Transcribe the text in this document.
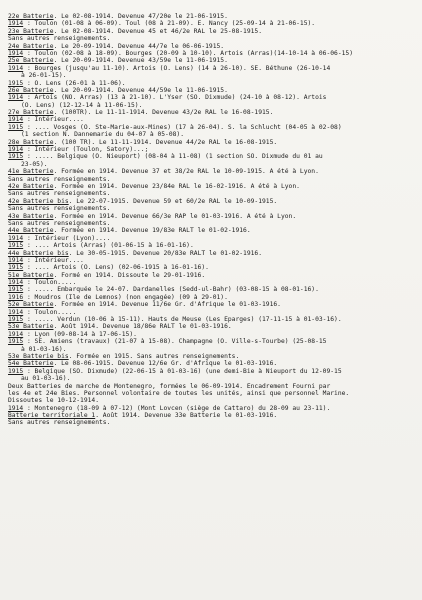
22e Batterie. Le 02-08-1914. Devenue 47/20e le 21-06-1915.
1914 : Toulon (01-08 à 06-09). Toul (08 à 21-09). E. Nancy (25-09-14 à 21-06-15).
23e Batterie. Le 02-08-1914. Devenue 45 et 46/2e RAL le 25-08-1915.
Sans autres renseignements.
24e Batterie. Le 20-09-1914. Devenue 44/7e le 06-06-1915.
1914 : Toulon (02-08 à 18-09). Bourges (20-09 à 10-10). Artois (Arras)(14-10-14 à 06-06-15)
25e Batterie. Le 20-09-1914. Devenue 43/59e le 11-06-1915.
1914 : Bourges (jusqu'au 11-10). Artois (O. Lens) (14 à 26-10). SE. Béthune (26-10-14
à 26-01-15).
1915 : O. Lens (26-01 à 11-06).
26e Batterie. Le 20-09-1914. Devenue 44/59e le 11-06-1915.
1914 : Artois (NO. Arras) (13 à 21-10). L'Yser (SO. Dixmude) (24-10 à 08-12). Artois
(O. Lens) (12-12-14 à 11-06-15).
27e Batterie. (100TR). Le 11-11-1914. Devenue 43/2e RAL le 16-08-1915.
1914 : Intérieur....
1915 : .... Vosges (O. Ste-Marie-aux-Mines) (17 à 26-04). S. la Schlucht (04-05 à 02-08)
(1 section N. Dannemarie du 04-07 à 05-08).
28e Batterie. (100 TR). Le 11-11-1914. Devenue 44/2e RAL le 16-08-1915.
1914 : Intérieur (Toulon, Satory)...;
1915 : ..... Belgique (O. Nieuport) (08-04 à 11-08) (1 section SO. Dixmude du 01 au
23-05).
41e Batterie. Formée en 1914. Devenue 37 et 38/2e RAL le 10-09-1915. A été à Lyon.
Sans autres renseignements.
42e Batterie. Formée en 1914. Devenue 23/84e RAL le 16-02-1916. A été à Lyon.
Sans autres renseignements.
42e Batterie bis. Le 22-07-1915. Devenue 59 et 60/2e RAL le 10-09-1915.
Sans autres renseignements.
43e Batterie. Formée en 1914. Devenue 66/3e RAP le 01-03-1916. A été à Lyon.
Sans autres renseignements.
44e Batterie. Formée en 1914. Devenue 19/83e RALT le 01-02-1916.
1914 : Intérieur (Lyon)....
1915 : .... Artois (Arras) (01-06-15 à 16-01-16).
44e Batterie bis. Le 30-05-1915. Devenue 20/83e RALT le 01-02-1916.
1914 : Intérieur....
1915 : .... Artois (O. Lens) (02-06-1915 à 16-01-16).
51e Batterie. Formé en 1914. Dissoute le 29-01-1916.
1914 : Toulon.....
1915 : ..... Embarquée le 24-07. Dardanelles (Sedd-ul-Bahr) (03-08-15 à 08-01-16).
1916 : Moudros (Ile de Lemnos) (non engagée) (09 à 29-01).
52e Batterie. Formée en 1914. Devenue 11/6e Gr. d'Afrique le 01-03-1916.
1914 : Toulon.....
1915 : ..... Verdun (10-06 à 15-11). Hauts de Meuse (Les Eparges) (17-11-15 à 01-03-16).
53e Batterie. Août 1914. Devenue 18/86e RALT le 01-03-1916.
1914 : Lyon (09-08-14 à 17-06-15).
1915 : SE. Amiens (travaux) (21-07 à 15-08). Champagne (O. Ville-s-Tourbe) (25-08-15
à 01-03-16).
53e Batterie bis. Formée en 1915. Sans autres renseignements.
54e Batterie. Le 08-06-1915. Devenue 12/6e Gr. d'Afrique le 01-03-1916.
1915 : Belgique (SO. Dixmude) (22-06-15 à 01-03-16) (une demi-Bie à Nieuport du 12-09-15
au 01-03-16).
Deux Batteries de marche de Montenegro, formées le 06-09-1914. Encadrement Fourni par
les 4e et 24e Bies. Personnel volontaire de toutes les unités, ainsi que personnel Marine.
Dissoutes le 10-12-1914.
1914 : Montenegro (18-09 à 07-12) (Mont Lovcen (siège de Cattaro) du 28-09 au 23-11).
Batterie territoriale 1. Août 1914. Devenue 33e Batterie le 01-03-1916.
Sans autres renseignements.
